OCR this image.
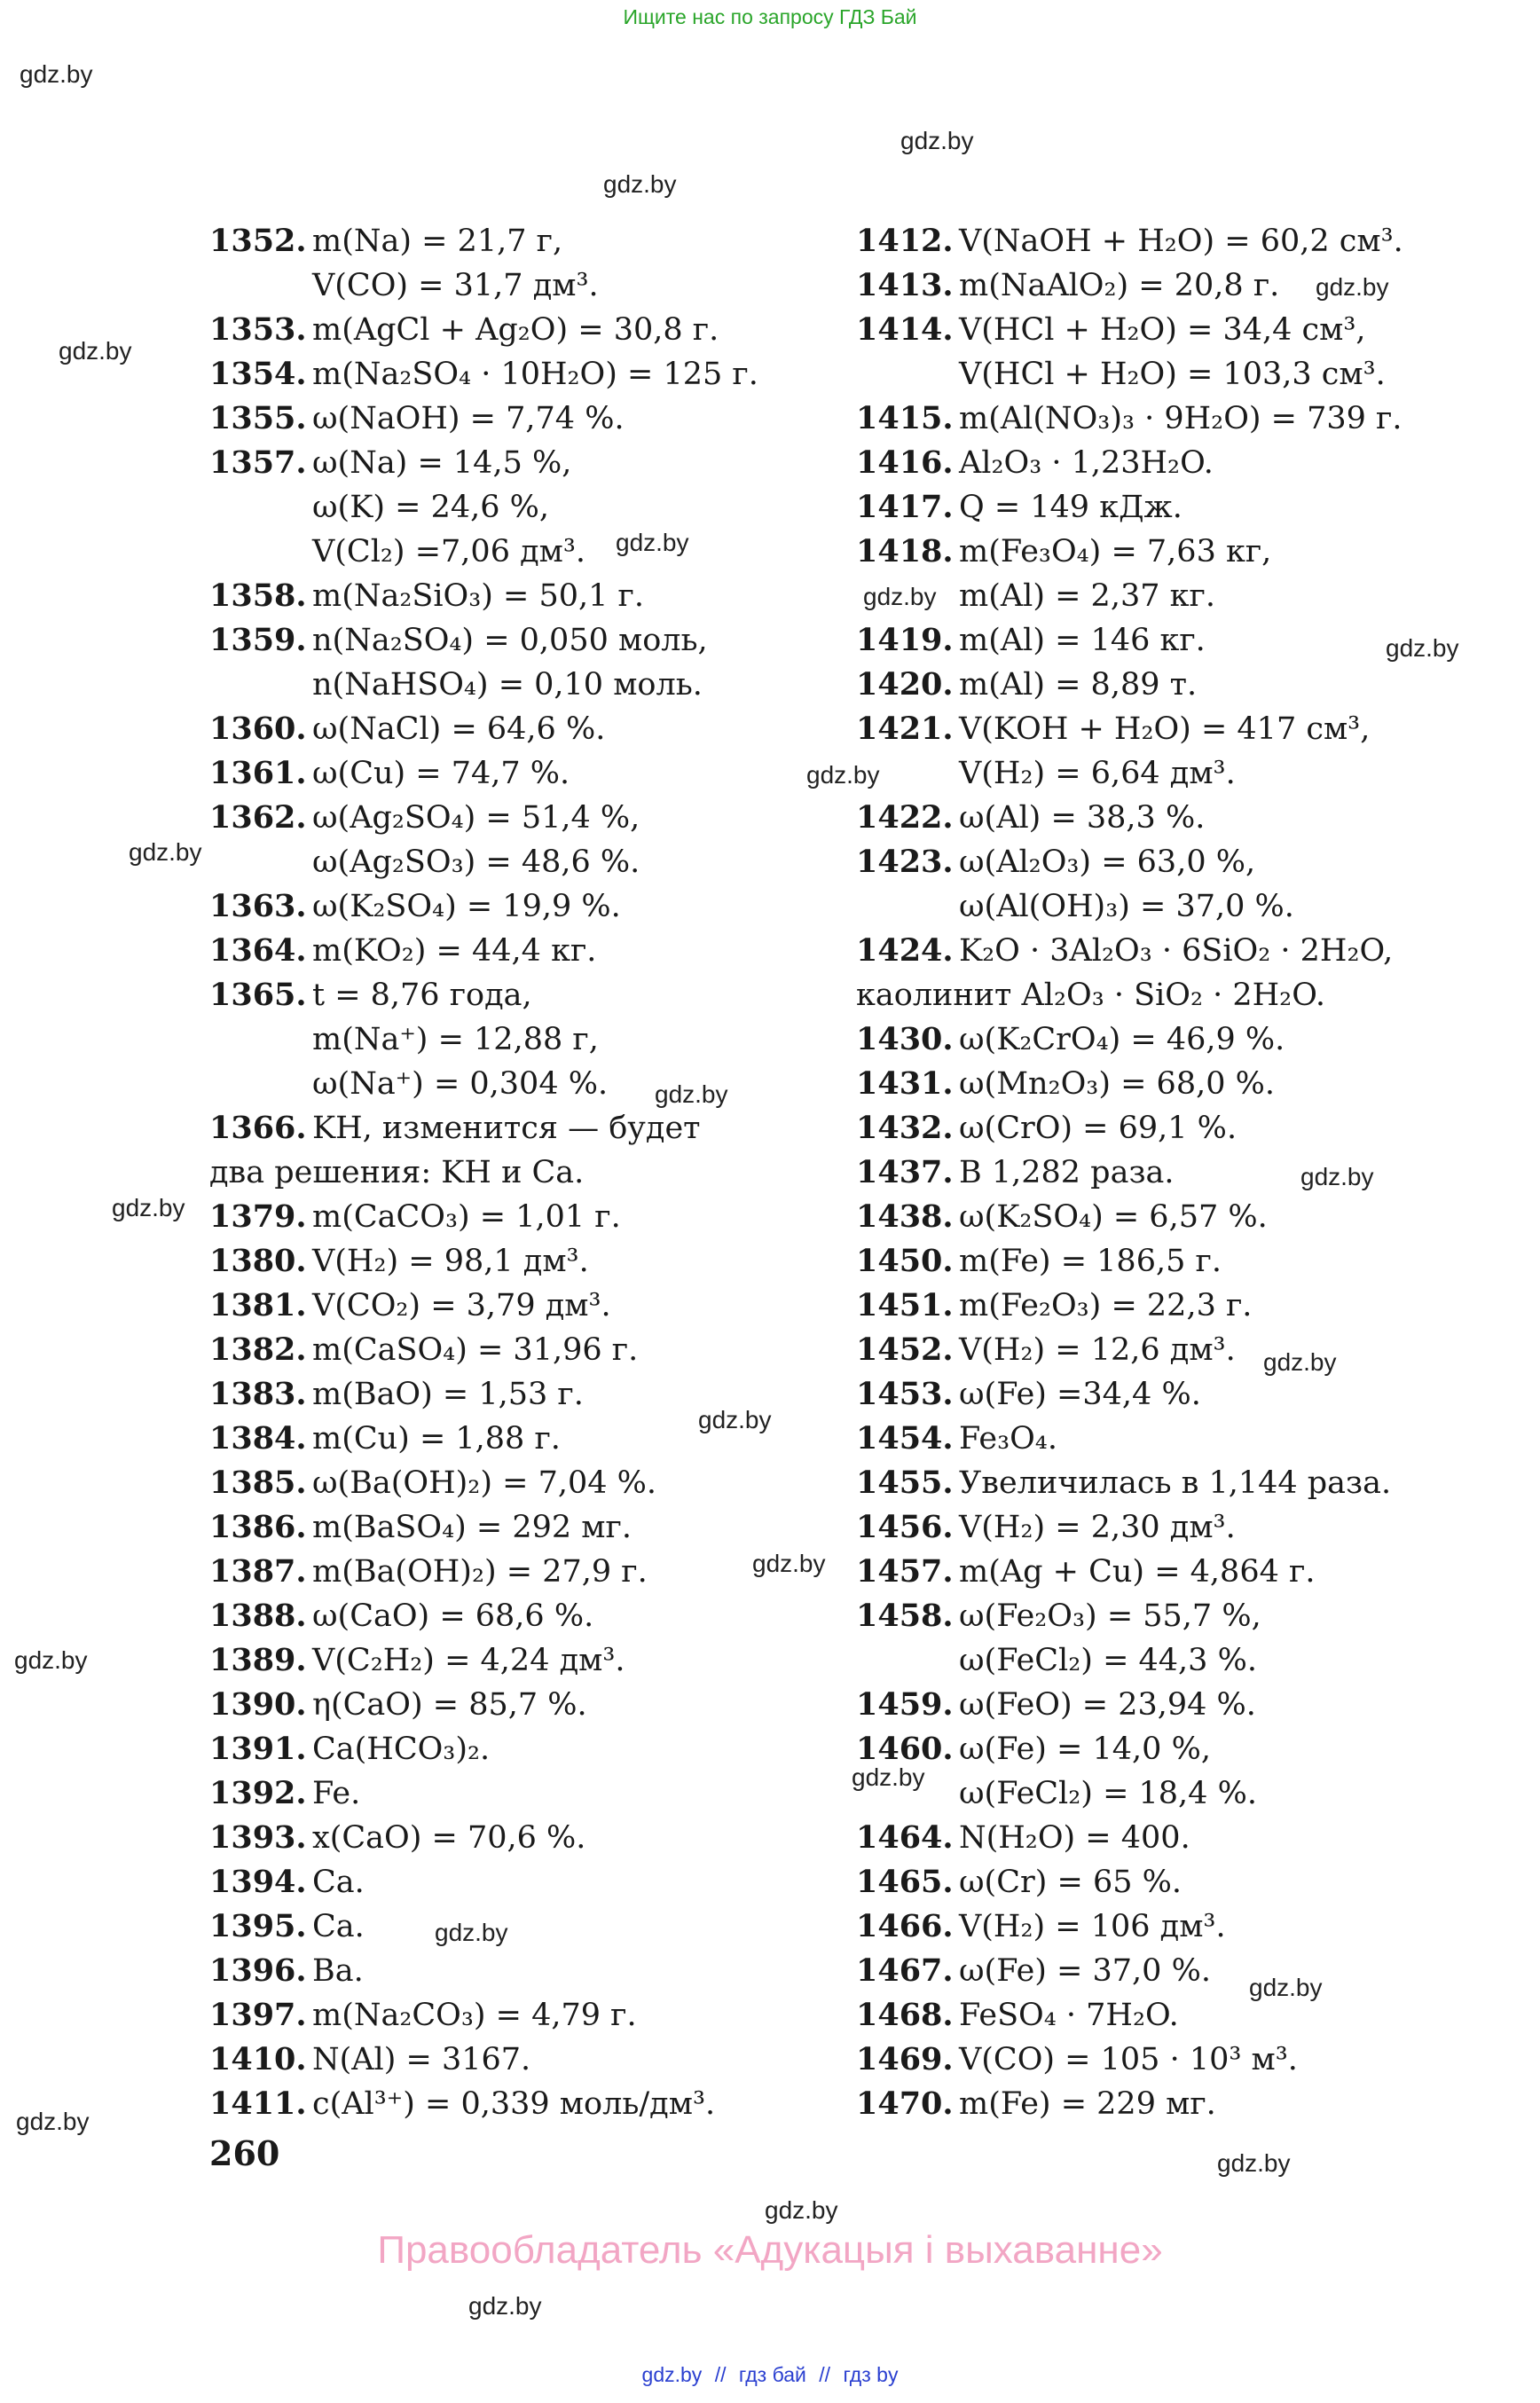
Ищите нас по запросу ГДЗ Бай
1352. m(Na) = 21,7 г,
V(CO) = 31,7 дм³.
1353. m(AgCl + Ag₂O) = 30,8 г.
1354. m(Na₂SO₄ · 10H₂O) = 125 г.
1355. ω(NaOH) = 7,74 %.
1357. ω(Na) = 14,5 %,
ω(K) = 24,6 %,
V(Cl₂) =7,06 дм³.
1358. m(Na₂SiO₃) = 50,1 г.
1359. n(Na₂SO₄) = 0,050 моль,
n(NaHSO₄) = 0,10 моль.
1360. ω(NaCl) = 64,6 %.
1361. ω(Cu) = 74,7 %.
1362. ω(Ag₂SO₄) = 51,4 %,
ω(Ag₂SO₃) = 48,6 %.
1363. ω(K₂SO₄) = 19,9 %.
1364. m(KO₂) = 44,4 кг.
1365. t = 8,76 года,
m(Na⁺) = 12,88 г,
ω(Na⁺) = 0,304 %.
1366. KH, изменится — будет
два решения: KH и Ca.
1379. m(CaCO₃) = 1,01 г.
1380. V(H₂) = 98,1 дм³.
1381. V(CO₂) = 3,79 дм³.
1382. m(CaSO₄) = 31,96 г.
1383. m(BaO) = 1,53 г.
1384. m(Cu) = 1,88 г.
1385. ω(Ba(OH)₂) = 7,04 %.
1386. m(BaSO₄) = 292 мг.
1387. m(Ba(OH)₂) = 27,9 г.
1388. ω(CaO) = 68,6 %.
1389. V(C₂H₂) = 4,24 дм³.
1390. η(CaO) = 85,7 %.
1391. Ca(HCO₃)₂.
1392. Fe.
1393. x(CaO) = 70,6 %.
1394. Ca.
1395. Ca.
1396. Ba.
1397. m(Na₂CO₃) = 4,79 г.
1410. N(Al) = 3167.
1411. c(Al³⁺) = 0,339 моль/дм³.
1412. V(NaOH + H₂O) = 60,2 см³.
1413. m(NaAlO₂) = 20,8 г.
1414. V(HCl + H₂O) = 34,4 см³,
V(HCl + H₂O) = 103,3 см³.
1415. m(Al(NO₃)₃ · 9H₂O) = 739 г.
1416. Al₂O₃ · 1,23H₂O.
1417. Q = 149 кДж.
1418. m(Fe₃O₄) = 7,63 кг,
m(Al) = 2,37 кг.
1419. m(Al) = 146 кг.
1420. m(Al) = 8,89 т.
1421. V(KOH + H₂O) = 417 см³,
V(H₂) = 6,64 дм³.
1422. ω(Al) = 38,3 %.
1423. ω(Al₂O₃) = 63,0 %,
ω(Al(OH)₃) = 37,0 %.
1424. K₂O · 3Al₂O₃ · 6SiO₂ · 2H₂O,
каолинит Al₂O₃ · SiO₂ · 2H₂O.
1430. ω(K₂CrO₄) = 46,9 %.
1431. ω(Mn₂O₃) = 68,0 %.
1432. ω(CrO) = 69,1 %.
1437. В 1,282 раза.
1438. ω(K₂SO₄) = 6,57 %.
1450. m(Fe) = 186,5 г.
1451. m(Fe₂O₃) = 22,3 г.
1452. V(H₂) = 12,6 дм³.
1453. ω(Fe) =34,4 %.
1454. Fe₃O₄.
1455. Увеличилась в 1,144 раза.
1456. V(H₂) = 2,30 дм³.
1457. m(Ag + Cu) = 4,864 г.
1458. ω(Fe₂O₃) = 55,7 %,
ω(FeCl₂) = 44,3 %.
1459. ω(FeO) = 23,94 %.
1460. ω(Fe) = 14,0 %,
ω(FeCl₂) = 18,4 %.
1464. N(H₂O) = 400.
1465. ω(Cr) = 65 %.
1466. V(H₂) = 106 дм³.
1467. ω(Fe) = 37,0 %.
1468. FeSO₄ · 7H₂O.
1469. V(CO) = 105 · 10³ м³.
1470. m(Fe) = 229 мг.
260
gdz.by
gdz.by
gdz.by
gdz.by
gdz.by
gdz.by
gdz.by
gdz.by
gdz.by
gdz.by
gdz.by
gdz.by
gdz.by
gdz.by
gdz.by
gdz.by
gdz.by
gdz.by
gdz.by
gdz.by
gdz.by
gdz.by
gdz.by
gdz.by
Правообладатель «Адукацыя і выхаванне»
gdz.by // гдз бай // гдз by
